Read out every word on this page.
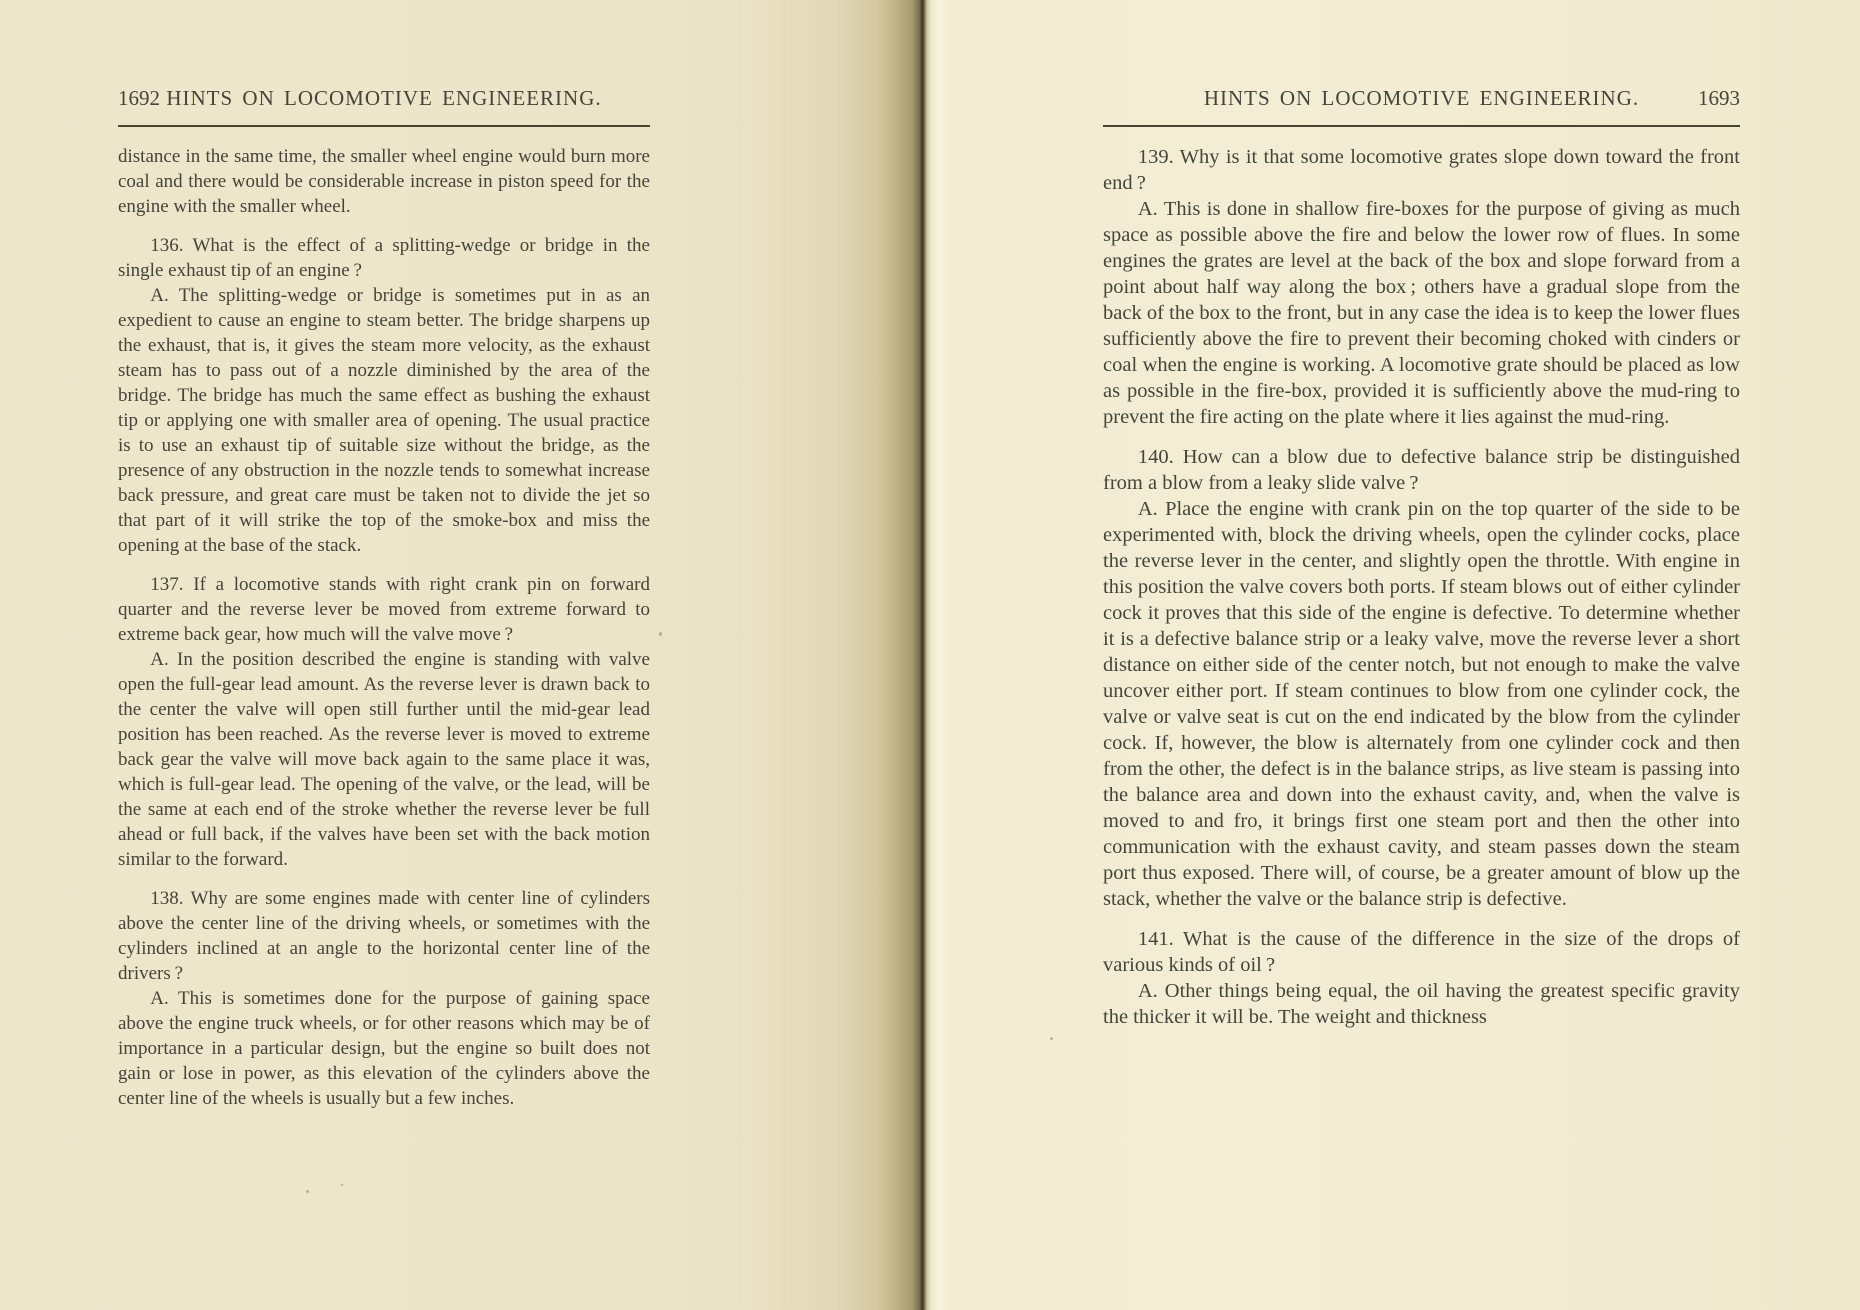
1692 HINTS ON LOCOMOTIVE ENGINEERING.

distance in the same time, the smaller wheel engine would burn more coal and there would be considerable increase in piston speed for the engine with the smaller wheel.

136. What is the effect of a splitting-wedge or bridge in the single exhaust tip of an engine ?

A. The splitting-wedge or bridge is sometimes put in as an expedient to cause an engine to steam better. The bridge sharpens up the exhaust, that is, it gives the steam more velocity, as the exhaust steam has to pass out of a nozzle diminished by the area of the bridge. The bridge has much the same effect as bushing the exhaust tip or applying one with smaller area of opening. The usual practice is to use an exhaust tip of suitable size without the bridge, as the presence of any obstruction in the nozzle tends to somewhat increase back pressure, and great care must be taken not to divide the jet so that part of it will strike the top of the smoke-box and miss the opening at the base of the stack.

137. If a locomotive stands with right crank pin on forward quarter and the reverse lever be moved from extreme forward to extreme back gear, how much will the valve move ?

A. In the position described the engine is standing with valve open the full-gear lead amount. As the reverse lever is drawn back to the center the valve will open still further until the mid-gear lead position has been reached. As the reverse lever is moved to extreme back gear the valve will move back again to the same place it was, which is full-gear lead. The opening of the valve, or the lead, will be the same at each end of the stroke whether the reverse lever be full ahead or full back, if the valves have been set with the back motion similar to the forward.

138. Why are some engines made with center line of cylinders above the center line of the driving wheels, or sometimes with the cylinders inclined at an angle to the horizontal center line of the drivers ?

A. This is sometimes done for the purpose of gaining space above the engine truck wheels, or for other reasons which may be of importance in a particular design, but the engine so built does not gain or lose in power, as this elevation of the cylinders above the center line of the wheels is usually but a few inches.

HINTS ON LOCOMOTIVE ENGINEERING.	1693

139. Why is it that some locomotive grates slope down toward the front end ?

A. This is done in shallow fire-boxes for the purpose of giving as much space as possible above the fire and below the lower row of flues. In some engines the grates are level at the back of the box and slope forward from a point about half way along the box ; others have a gradual slope from the back of the box to the front, but in any case the idea is to keep the lower flues sufficiently above the fire to prevent their becoming choked with cinders or coal when the engine is working. A locomotive grate should be placed as low as possible in the fire-box, provided it is sufficiently above the mud-ring to prevent the fire acting on the plate where it lies against the mud-ring.

140. How can a blow due to defective balance strip be distinguished from a blow from a leaky slide valve ?

A. Place the engine with crank pin on the top quarter of the side to be experimented with, block the driving wheels, open the cylinder cocks, place the reverse lever in the center, and slightly open the throttle. With engine in this position the valve covers both ports. If steam blows out of either cylinder cock it proves that this side of the engine is defective. To determine whether it is a defective balance strip or a leaky valve, move the reverse lever a short distance on either side of the center notch, but not enough to make the valve uncover either port. If steam continues to blow from one cylinder cock, the valve or valve seat is cut on the end indicated by the blow from the cylinder cock. If, however, the blow is alternately from one cylinder cock and then from the other, the defect is in the balance strips, as live steam is passing into the balance area and down into the exhaust cavity, and, when the valve is moved to and fro, it brings first one steam port and then the other into communication with the exhaust cavity, and steam passes down the steam port thus exposed. There will, of course, be a greater amount of blow up the stack, whether the valve or the balance strip is defective.

141. What is the cause of the difference in the size of the drops of various kinds of oil ?

A. Other things being equal, the oil having the greatest specific gravity the thicker it will be. The weight and thickness
